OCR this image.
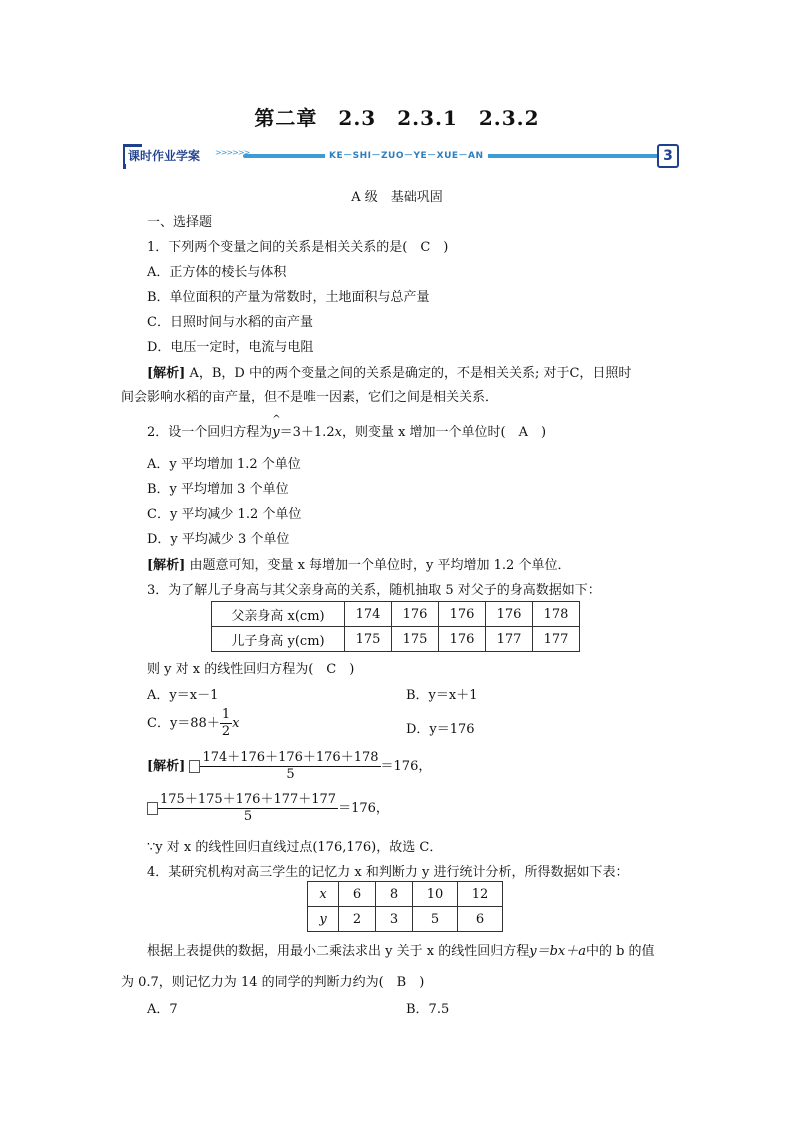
第二章　2.3　2.3.1　2.3.2
课时作业学案	>>>>>>	KE－SHI－ZUO－YE－XUE－AN	3
A 级　基础巩固
一、选择题
1．下列两个变量之间的关系是相关关系的是(　C　)
A．正方体的棱长与体积
B．单位面积的产量为常数时，土地面积与总产量
C．日照时间与水稻的亩产量
D．电压一定时，电流与电阻
[解析] A，B，D 中的两个变量之间的关系是确定的，不是相关关系; 对于C，日照时
间会影响水稻的亩产量，但不是唯一因素，它们之间是相关关系．
2．设一个回归方程为
^
y＝3＋1.2x，则变量 x 增加一个单位时(　A　)
A．y 平均增加 1.2 个单位
B．y 平均增加 3 个单位
C．y 平均减少 1.2 个单位
D．y 平均减少 3 个单位
[解析] 由题意可知，变量 x 每增加一个单位时，y 平均增加 1.2 个单位．
3．为了解儿子身高与其父亲身高的关系，随机抽取 5 对父子的身高数据如下：
父亲身高 x(cm)	174	176	176	176	178
儿子身高 y(cm)	175	175	176	177	177
则 y 对 x 的线性回归方程为(　C　)
A．y＝x－1	B．y＝x＋1
C．$y=88+ \frac{1}{2}$ x	D．y＝176
[解析] $\frac{174+176+176+176+178}{5} =176$，
$\frac{175+175+176+177+177}{5} =176$，
∵y 对 x 的线性回归直线过点(176,176)，故选 C．
4．某研究机构对高三学生的记忆力 x 和判断力 y 进行统计分析，所得数据如下表：
x	6	8	10	12
y	2	3	5	6
根据上表提供的数据，用最小二乘法求出 y 关于 x 的线性回归方程y＝bx＋a中的 b 的值
为 0.7，则记忆力为 14 的同学的判断力约为(　B　)
A．7	B．7.5
